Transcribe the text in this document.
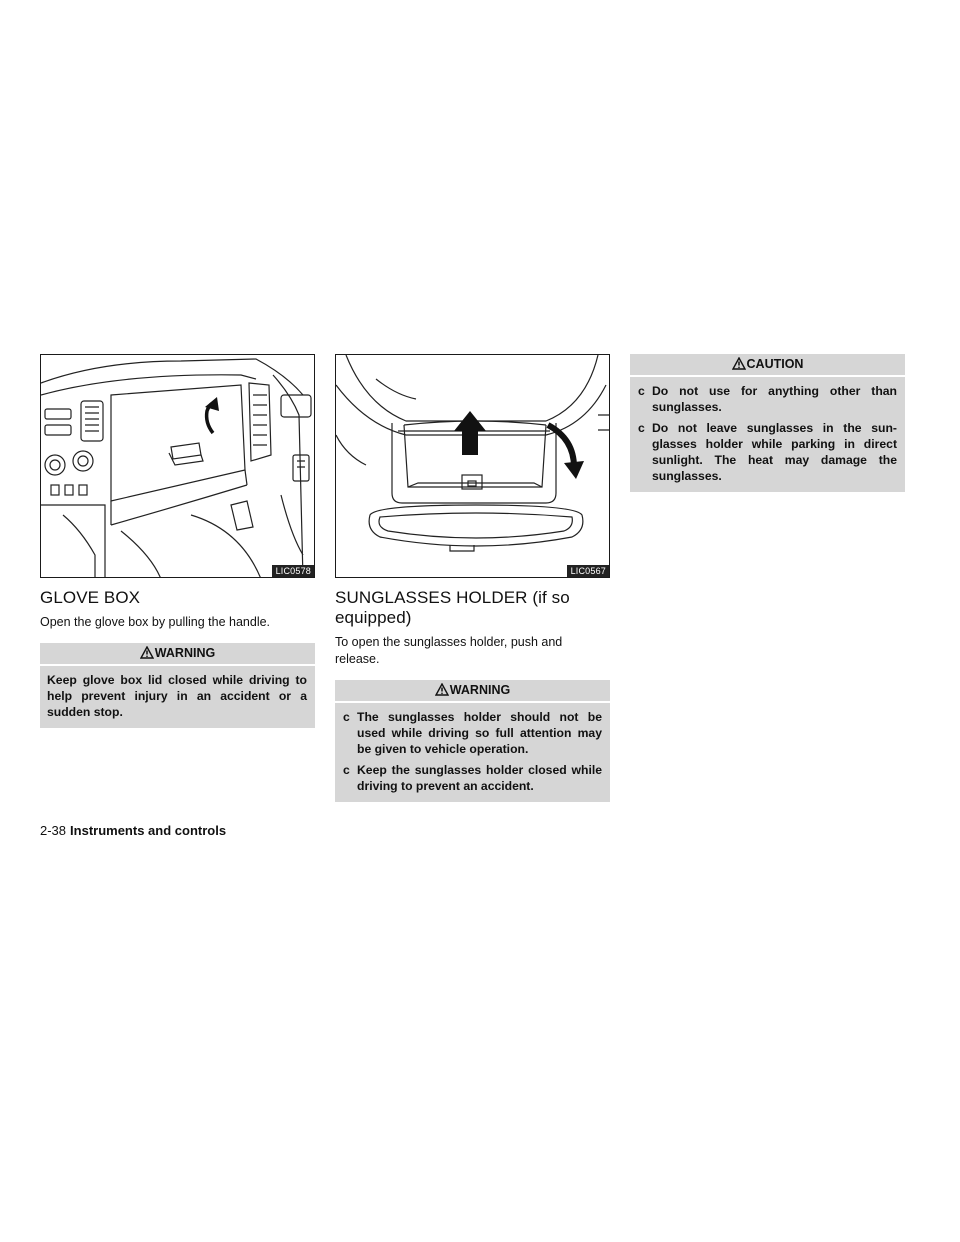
LIC0578
GLOVE BOX

Open the glove box by pulling the handle.

WARNING

Keep glove box lid closed while driving to help prevent injury in an accident or a sudden stop.

LIC0567
SUNGLASSES HOLDER (if so equipped)

To open the sunglasses holder, push and release.

WARNING
c The sunglasses holder should not be used while driving so full attention may be given to vehicle operation.
c Keep the sunglasses holder closed while driving to prevent an accident.
CAUTION
c Do not use for anything other than sunglasses.
c Do not leave sunglasses in the sun-glasses holder while parking in direct sunlight. The heat may damage the sunglasses.
2-38 Instruments and controls
